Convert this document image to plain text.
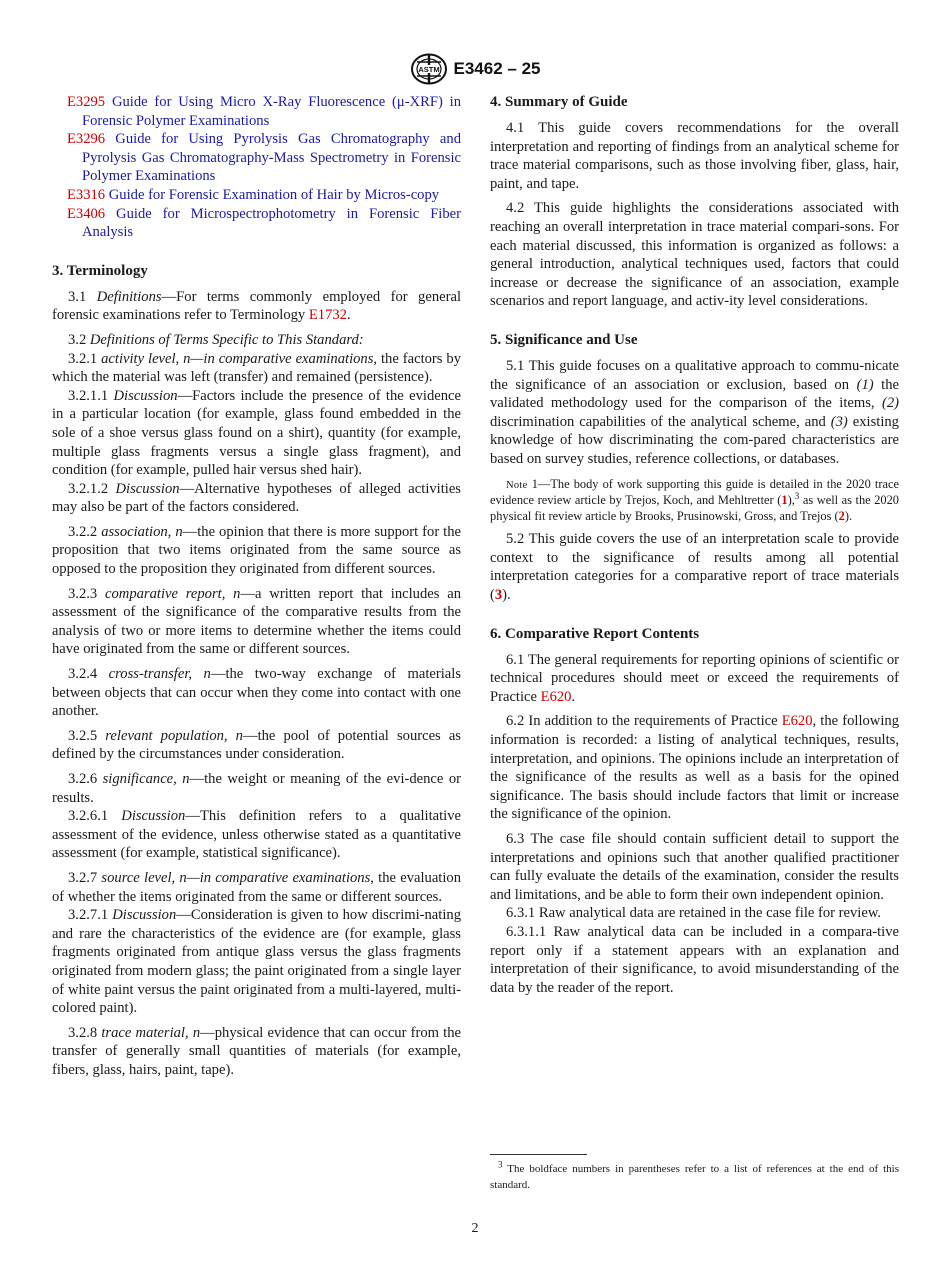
ASTM E3462 – 25
E3295 Guide for Using Micro X-Ray Fluorescence (μ-XRF) in Forensic Polymer Examinations
E3296 Guide for Using Pyrolysis Gas Chromatography and Pyrolysis Gas Chromatography-Mass Spectrometry in Forensic Polymer Examinations
E3316 Guide for Forensic Examination of Hair by Micros-copy
E3406 Guide for Microspectrophotometry in Forensic Fiber Analysis
3. Terminology

3.1 Definitions—For terms commonly employed for general forensic examinations refer to Terminology E1732.

3.2 Definitions of Terms Specific to This Standard:

3.2.1 activity level, n—in comparative examinations, the factors by which the material was left (transfer) and remained (persistence).

3.2.1.1 Discussion—Factors include the presence of the evidence in a particular location (for example, glass found embedded in the sole of a shoe versus glass found on a shirt), quantity (for example, multiple glass fragments versus a single glass fragment), and condition (for example, pulled hair versus shed hair).

3.2.1.2 Discussion—Alternative hypotheses of alleged activities may also be part of the factors considered.

3.2.2 association, n—the opinion that there is more support for the proposition that two items originated from the same source as opposed to the proposition they originated from different sources.

3.2.3 comparative report, n—a written report that includes an assessment of the significance of the comparative results from the analysis of two or more items to determine whether the items could have originated from the same or different sources.

3.2.4 cross-transfer, n—the two-way exchange of materials between objects that can occur when they come into contact with one another.

3.2.5 relevant population, n—the pool of potential sources as defined by the circumstances under consideration.

3.2.6 significance, n—the weight or meaning of the evi-dence or results.

3.2.6.1 Discussion—This definition refers to a qualitative assessment of the evidence, unless otherwise stated as a quantitative assessment (for example, statistical significance).

3.2.7 source level, n—in comparative examinations, the evaluation of whether the items originated from the same or different sources.

3.2.7.1 Discussion—Consideration is given to how discrimi-nating and rare the characteristics of the evidence are (for example, glass fragments originated from antique glass versus the glass fragments originated from modern glass; the paint originated from a single layer of white paint versus the paint originated from a multi-layered, multi-colored paint).

3.2.8 trace material, n—physical evidence that can occur from the transfer of generally small quantities of materials (for example, fibers, glass, hairs, paint, tape).

4. Summary of Guide

4.1 This guide covers recommendations for the overall interpretation and reporting of findings from an analytical scheme for trace material comparisons, such as those involving fiber, glass, hair, paint, and tape.

4.2 This guide highlights the considerations associated with reaching an overall interpretation in trace material compari-sons. For each material discussed, this information is organized as follows: a general introduction, analytical techniques used, factors that could increase or decrease the significance of an association, example scenarios and report language, and activ-ity level considerations.

5. Significance and Use

5.1 This guide focuses on a qualitative approach to commu-nicate the significance of an association or exclusion, based on (1) the validated methodology used for the comparison of the items, (2) discrimination capabilities of the analytical scheme, and (3) existing knowledge of how discriminating the com-pared characteristics are based on survey studies, reference collections, or databases.

Note 1—The body of work supporting this guide is detailed in the 2020 trace evidence review article by Trejos, Koch, and Mehltretter (1),$^3$ as well as the 2020 physical fit review article by Brooks, Prusinowski, Gross, and Trejos (2).

5.2 This guide covers the use of an interpretation scale to provide context to the significance of results among all potential interpretation categories for a comparative report of trace materials (3).

6. Comparative Report Contents

6.1 The general requirements for reporting opinions of scientific or technical procedures should meet or exceed the requirements of Practice E620.

6.2 In addition to the requirements of Practice E620, the following information is recorded: a listing of analytical techniques, results, interpretation, and opinions. The opinions include an interpretation of the significance of the results as well as a basis for the opined significance. The basis should include factors that limit or increase the significance of the opinion.

6.3 The case file should contain sufficient detail to support the interpretations and opinions such that another qualified practitioner can fully evaluate the details of the examination, consider the results and limitations, and be able to form their own independent opinion.

6.3.1 Raw analytical data are retained in the case file for review.

6.3.1.1 Raw analytical data can be included in a compara-tive report only if a statement appears with an explanation and interpretation of their significance, to avoid misunderstanding of the data by the reader of the report.

$^3$ The boldface numbers in parentheses refer to a list of references at the end of this standard.
2
